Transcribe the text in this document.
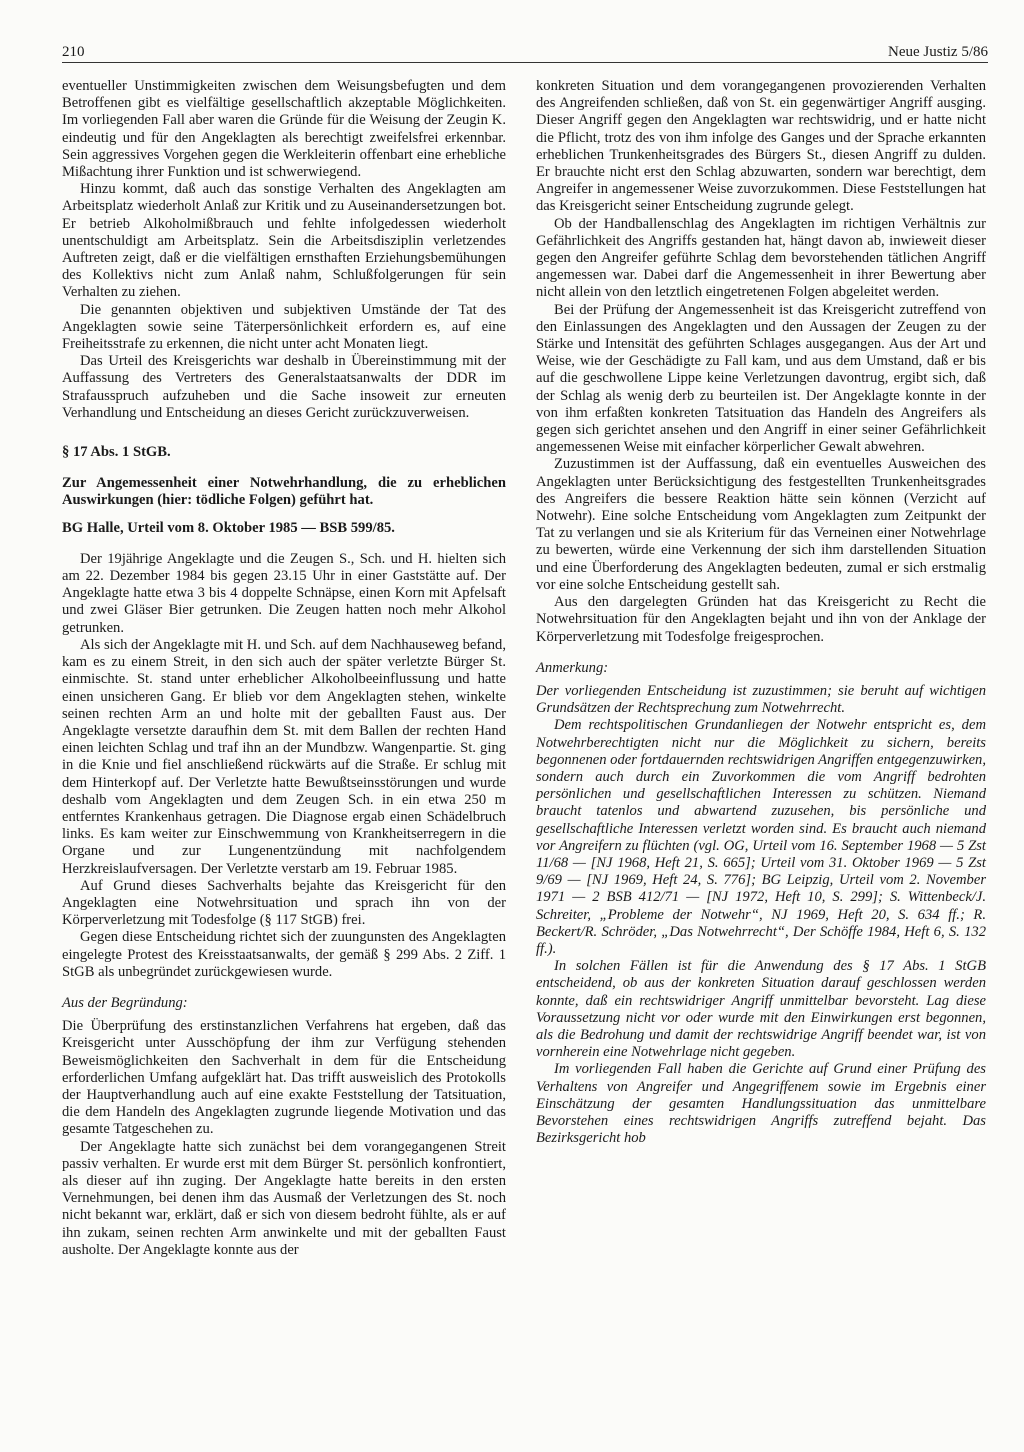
210	Neue Justiz 5/86

eventueller Unstimmigkeiten zwischen dem Weisungsbefugten und dem Betroffenen gibt es vielfältige gesellschaftlich akzeptable Möglichkeiten. Im vorliegenden Fall aber waren die Gründe für die Weisung der Zeugin K. eindeutig und für den Angeklagten als berechtigt zweifelsfrei erkennbar. Sein aggressives Vorgehen gegen die Werkleiterin offenbart eine erhebliche Mißachtung ihrer Funktion und ist schwerwiegend.

Hinzu kommt, daß auch das sonstige Verhalten des Angeklagten am Arbeitsplatz wiederholt Anlaß zur Kritik und zu Auseinandersetzungen bot. Er betrieb Alkoholmißbrauch und fehlte infolgedessen wiederholt unentschuldigt am Arbeitsplatz. Sein die Arbeitsdisziplin verletzendes Auftreten zeigt, daß er die vielfältigen ernsthaften Erziehungsbemühungen des Kollektivs nicht zum Anlaß nahm, Schlußfolgerungen für sein Verhalten zu ziehen.

Die genannten objektiven und subjektiven Umstände der Tat des Angeklagten sowie seine Täterpersönlichkeit erfordern es, auf eine Freiheitsstrafe zu erkennen, die nicht unter acht Monaten liegt.

Das Urteil des Kreisgerichts war deshalb in Übereinstimmung mit der Auffassung des Vertreters des Generalstaatsanwalts der DDR im Strafausspruch aufzuheben und die Sache insoweit zur erneuten Verhandlung und Entscheidung an dieses Gericht zurückzuverweisen.

§ 17 Abs. 1 StGB.

Zur Angemessenheit einer Notwehrhandlung, die zu erheblichen Auswirkungen (hier: tödliche Folgen) geführt hat.

BG Halle, Urteil vom 8. Oktober 1985 — BSB 599/85.

Der 19jährige Angeklagte und die Zeugen S., Sch. und H. hielten sich am 22. Dezember 1984 bis gegen 23.15 Uhr in einer Gaststätte auf. Der Angeklagte hatte etwa 3 bis 4 doppelte Schnäpse, einen Korn mit Apfelsaft und zwei Gläser Bier getrunken. Die Zeugen hatten noch mehr Alkohol getrunken.

Als sich der Angeklagte mit H. und Sch. auf dem Nachhauseweg befand, kam es zu einem Streit, in den sich auch der später verletzte Bürger St. einmischte. St. stand unter erheblicher Alkoholbeeinflussung und hatte einen unsicheren Gang. Er blieb vor dem Angeklagten stehen, winkelte seinen rechten Arm an und holte mit der geballten Faust aus. Der Angeklagte versetzte daraufhin dem St. mit dem Ballen der rechten Hand einen leichten Schlag und traf ihn an der Mundbzw. Wangenpartie. St. ging in die Knie und fiel anschließend rückwärts auf die Straße. Er schlug mit dem Hinterkopf auf. Der Verletzte hatte Bewußtseinsstörungen und wurde deshalb vom Angeklagten und dem Zeugen Sch. in ein etwa 250 m entferntes Krankenhaus getragen. Die Diagnose ergab einen Schädelbruch links. Es kam weiter zur Einschwemmung von Krankheitserregern in die Organe und zur Lungenentzündung mit nachfolgendem Herzkreislaufversagen. Der Verletzte verstarb am 19. Februar 1985.

Auf Grund dieses Sachverhalts bejahte das Kreisgericht für den Angeklagten eine Notwehrsituation und sprach ihn von der Körperverletzung mit Todesfolge (§ 117 StGB) frei.

Gegen diese Entscheidung richtet sich der zuungunsten des Angeklagten eingelegte Protest des Kreisstaatsanwalts, der gemäß § 299 Abs. 2 Ziff. 1 StGB als unbegründet zurückgewiesen wurde.

Aus der Begründung:

Die Überprüfung des erstinstanzlichen Verfahrens hat ergeben, daß das Kreisgericht unter Ausschöpfung der ihm zur Verfügung stehenden Beweismöglichkeiten den Sachverhalt in dem für die Entscheidung erforderlichen Umfang aufgeklärt hat. Das trifft ausweislich des Protokolls der Hauptverhandlung auch auf eine exakte Feststellung der Tatsituation, die dem Handeln des Angeklagten zugrunde liegende Motivation und das gesamte Tatgeschehen zu.

Der Angeklagte hatte sich zunächst bei dem vorangegangenen Streit passiv verhalten. Er wurde erst mit dem Bürger St. persönlich konfrontiert, als dieser auf ihn zuging. Der Angeklagte hatte bereits in den ersten Vernehmungen, bei denen ihm das Ausmaß der Verletzungen des St. noch nicht bekannt war, erklärt, daß er sich von diesem bedroht fühlte, als er auf ihn zukam, seinen rechten Arm anwinkelte und mit der geballten Faust ausholte. Der Angeklagte konnte aus der

konkreten Situation und dem vorangegangenen provozierenden Verhalten des Angreifenden schließen, daß von St. ein gegenwärtiger Angriff ausging. Dieser Angriff gegen den Angeklagten war rechtswidrig, und er hatte nicht die Pflicht, trotz des von ihm infolge des Ganges und der Sprache erkannten erheblichen Trunkenheitsgrades des Bürgers St., diesen Angriff zu dulden. Er brauchte nicht erst den Schlag abzuwarten, sondern war berechtigt, dem Angreifer in angemessener Weise zuvorzukommen. Diese Feststellungen hat das Kreisgericht seiner Entscheidung zugrunde gelegt.

Ob der Handballenschlag des Angeklagten im richtigen Verhältnis zur Gefährlichkeit des Angriffs gestanden hat, hängt davon ab, inwieweit dieser gegen den Angreifer geführte Schlag dem bevorstehenden tätlichen Angriff angemessen war. Dabei darf die Angemessenheit in ihrer Bewertung aber nicht allein von den letztlich eingetretenen Folgen abgeleitet werden.

Bei der Prüfung der Angemessenheit ist das Kreisgericht zutreffend von den Einlassungen des Angeklagten und den Aussagen der Zeugen zu der Stärke und Intensität des geführten Schlages ausgegangen. Aus der Art und Weise, wie der Geschädigte zu Fall kam, und aus dem Umstand, daß er bis auf die geschwollene Lippe keine Verletzungen davontrug, ergibt sich, daß der Schlag als wenig derb zu beurteilen ist. Der Angeklagte konnte in der von ihm erfaßten konkreten Tatsituation das Handeln des Angreifers als gegen sich gerichtet ansehen und den Angriff in einer seiner Gefährlichkeit angemessenen Weise mit einfacher körperlicher Gewalt abwehren.

Zuzustimmen ist der Auffassung, daß ein eventuelles Ausweichen des Angeklagten unter Berücksichtigung des festgestellten Trunkenheitsgrades des Angreifers die bessere Reaktion hätte sein können (Verzicht auf Notwehr). Eine solche Entscheidung vom Angeklagten zum Zeitpunkt der Tat zu verlangen und sie als Kriterium für das Verneinen einer Notwehrlage zu bewerten, würde eine Verkennung der sich ihm darstellenden Situation und eine Überforderung des Angeklagten bedeuten, zumal er sich erstmalig vor eine solche Entscheidung gestellt sah.

Aus den dargelegten Gründen hat das Kreisgericht zu Recht die Notwehrsituation für den Angeklagten bejaht und ihn von der Anklage der Körperverletzung mit Todesfolge freigesprochen.

Anmerkung:

Der vorliegenden Entscheidung ist zuzustimmen; sie beruht auf wichtigen Grundsätzen der Rechtsprechung zum Notwehrrecht.

Dem rechtspolitischen Grundanliegen der Notwehr entspricht es, dem Notwehrberechtigten nicht nur die Möglichkeit zu sichern, bereits begonnenen oder fortdauernden rechtswidrigen Angriffen entgegenzuwirken, sondern auch durch ein Zuvorkommen die vom Angriff bedrohten persönlichen und gesellschaftlichen Interessen zu schützen. Niemand braucht tatenlos und abwartend zuzusehen, bis persönliche und gesellschaftliche Interessen verletzt worden sind. Es braucht auch niemand vor Angreifern zu flüchten (vgl. OG, Urteil vom 16. September 1968 — 5 Zst 11/68 — [NJ 1968, Heft 21, S. 665]; Urteil vom 31. Oktober 1969 — 5 Zst 9/69 — [NJ 1969, Heft 24, S. 776]; BG Leipzig, Urteil vom 2. November 1971 — 2 BSB 412/71 — [NJ 1972, Heft 10, S. 299]; S. Wittenbeck/J. Schreiter, „Probleme der Notwehr“, NJ 1969, Heft 20, S. 634 ff.; R. Beckert/R. Schröder, „Das Notwehrrecht“, Der Schöffe 1984, Heft 6, S. 132 ff.).

In solchen Fällen ist für die Anwendung des § 17 Abs. 1 StGB entscheidend, ob aus der konkreten Situation darauf geschlossen werden konnte, daß ein rechtswidriger Angriff unmittelbar bevorsteht. Lag diese Voraussetzung nicht vor oder wurde mit den Einwirkungen erst begonnen, als die Bedrohung und damit der rechtswidrige Angriff beendet war, ist von vornherein eine Notwehrlage nicht gegeben.

Im vorliegenden Fall haben die Gerichte auf Grund einer Prüfung des Verhaltens von Angreifer und Angegriffenem sowie im Ergebnis einer Einschätzung der gesamten Handlungssituation das unmittelbare Bevorstehen eines rechtswidrigen Angriffs zutreffend bejaht. Das Bezirksgericht hob
